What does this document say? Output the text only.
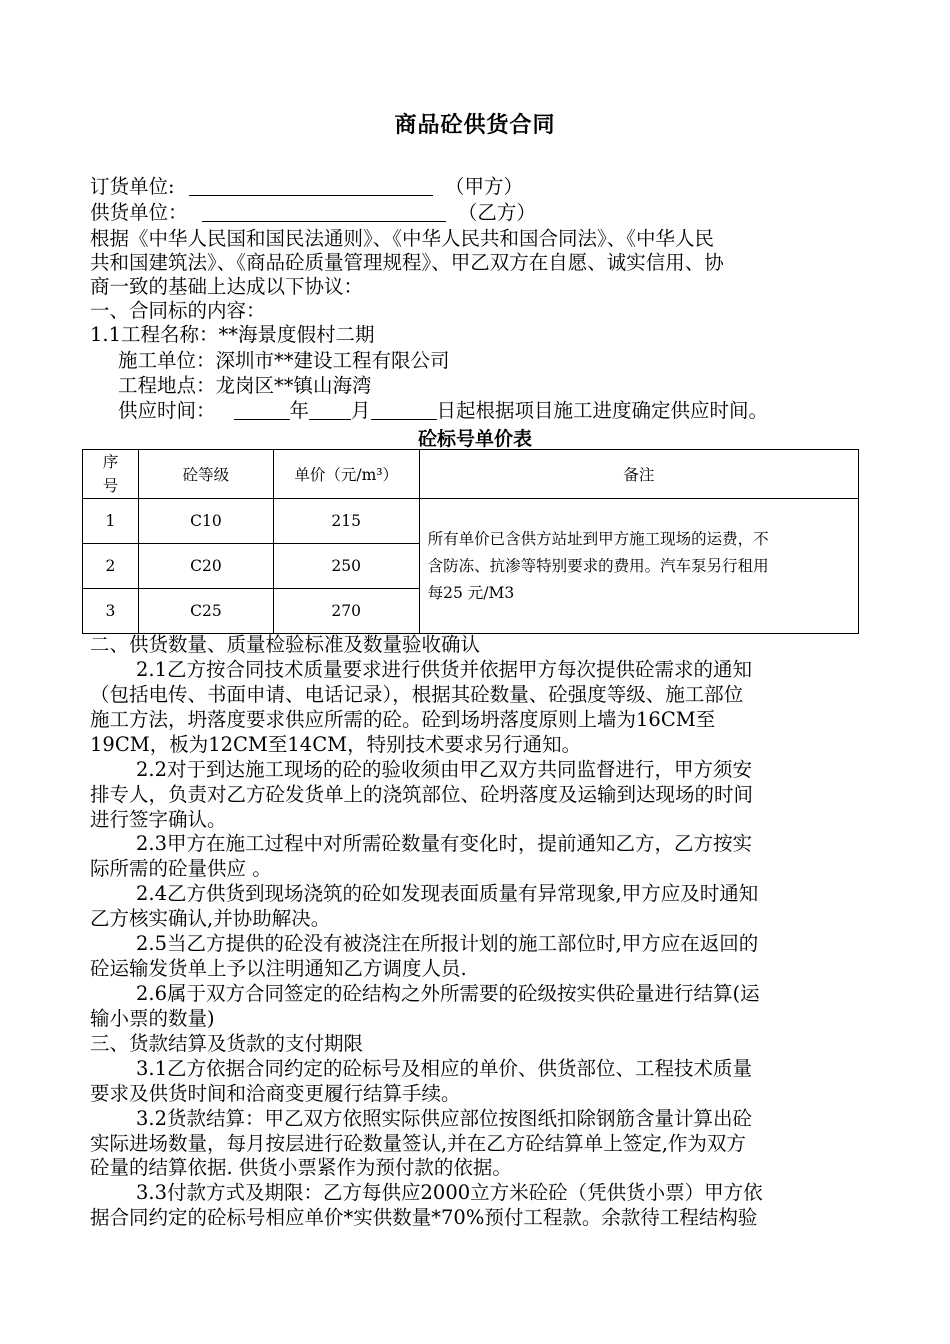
商品砼供货合同
订货单位:	（甲方）
供货单位：	（乙方）
根据《中华人民国和国民法通则》、《中华人民共和国合同法》、《中华人民
共和国建筑法》、《商品砼质量管理规程》、甲乙双方在自愿、诚实信用、协
商一致的基础上达成以下协议：
一、合同标的内容：
1.1工程名称：**海景度假村二期
施工单位：深圳市**建设工程有限公司
工程地点：龙岗区**镇山海湾
供应时间：	年 月	日起根据项目施工进度确定供应时间。
砼标号单价表
序号	砼等级	单价（元/m³）	备注
1	C10	215	所有单价已含供方站址到甲方施工现场的运费，不
含防冻、抗渗等特别要求的费用。汽车泵另行租用
每25 元/M3

2	C20	250	
3	C25	270	
二、供货数量、质量检验标准及数量验收确认
2.1乙方按合同技术质量要求进行供货并依据甲方每次提供砼需求的通知
（包括电传、书面申请、电话记录），根据其砼数量、砼强度等级、施工部位
施工方法，坍落度要求供应所需的砼。砼到场坍落度原则上墙为16CM至
19CM，板为12CM至14CM，特别技术要求另行通知。
2.2对于到达施工现场的砼的验收须由甲乙双方共同监督进行，甲方须安
排专人，负责对乙方砼发货单上的浇筑部位、砼坍落度及运输到达现场的时间
进行签字确认。
2.3甲方在施工过程中对所需砼数量有变化时，提前通知乙方，乙方按实
际所需的砼量供应 。
2.4乙方供货到现场浇筑的砼如发现表面质量有异常现象,甲方应及时通知
乙方核实确认,并协助解决。
2.5当乙方提供的砼没有被浇注在所报计划的施工部位时,甲方应在返回的
砼运输发货单上予以注明通知乙方调度人员.
2.6属于双方合同签定的砼结构之外所需要的砼级按实供砼量进行结算(运
输小票的数量)
三、货款结算及货款的支付期限
3.1乙方依据合同约定的砼标号及相应的单价、供货部位、工程技术质量
要求及供货时间和洽商变更履行结算手续。
3.2货款结算：甲乙双方依照实际供应部位按图纸扣除钢筋含量计算出砼
实际进场数量，每月按层进行砼数量签认,并在乙方砼结算单上签定,作为双方
砼量的结算依据. 供货小票紧作为预付款的依据。
3.3付款方式及期限：乙方每供应2000立方米砼砼（凭供货小票）甲方依
据合同约定的砼标号相应单价*实供数量*70%预付工程款。余款待工程结构验
